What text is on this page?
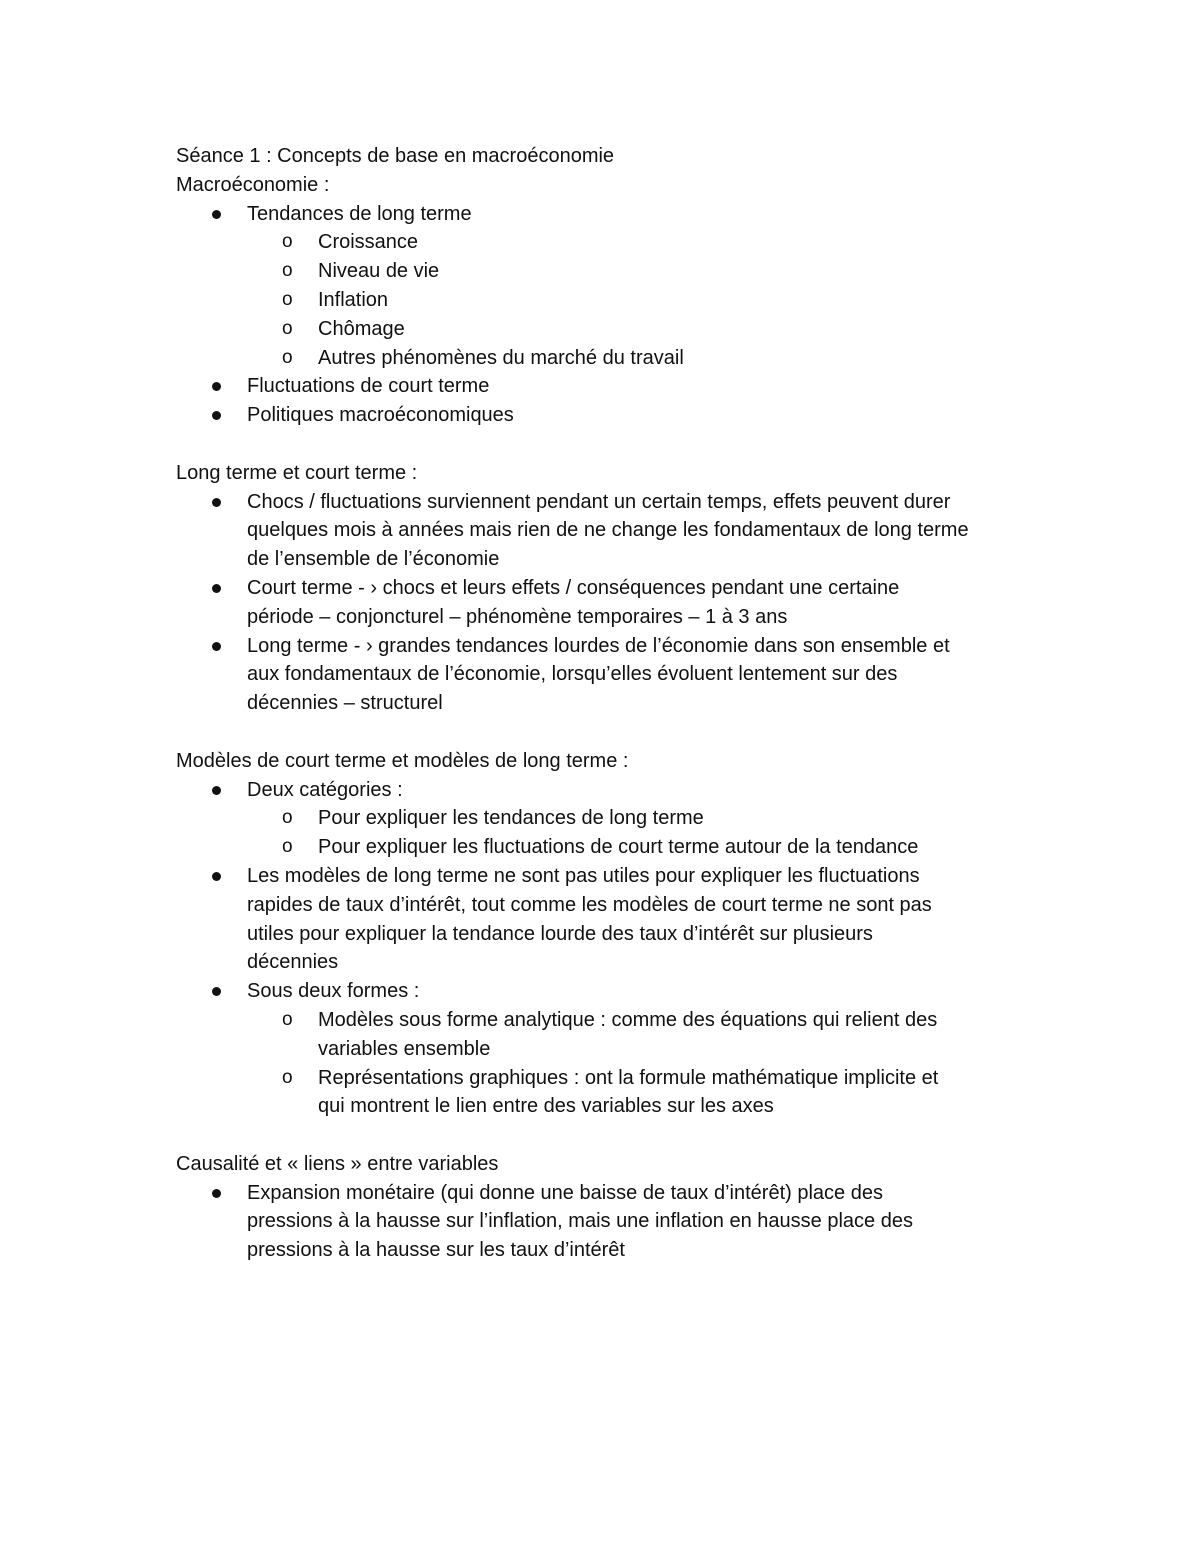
Séance 1 : Concepts de base en macroéconomie

Macroéconomie :

Tendances de long terme
o	Croissance
o	Niveau de vie
o	Inflation
o	Chômage
o	Autres phénomènes du marché du travail
Fluctuations de court terme
Politiques macroéconomiques

Long terme et court terme :

Chocs / fluctuations surviennent pendant un certain temps, effets peuvent durer
quelques mois à années mais rien de ne change les fondamentaux de long terme
de l’ensemble de l’économie
Court terme - › chocs et leurs effets / conséquences pendant une certaine
période – conjoncturel – phénomène temporaires – 1 à 3 ans
Long terme - › grandes tendances lourdes de l’économie dans son ensemble et
aux fondamentaux de l’économie, lorsqu’elles évoluent lentement sur des
décennies – structurel

Modèles de court terme et modèles de long terme :

Deux catégories :
o	Pour expliquer les tendances de long terme
o	Pour expliquer les fluctuations de court terme autour de la tendance
Les modèles de long terme ne sont pas utiles pour expliquer les fluctuations
rapides de taux d’intérêt, tout comme les modèles de court terme ne sont pas
utiles pour expliquer la tendance lourde des taux d’intérêt sur plusieurs
décennies
Sous deux formes :
o	Modèles sous forme analytique : comme des équations qui relient des
variables ensemble
o	Représentations graphiques : ont la formule mathématique implicite et
qui montrent le lien entre des variables sur les axes

Causalité et « liens » entre variables

Expansion monétaire (qui donne une baisse de taux d’intérêt) place des
pressions à la hausse sur l’inflation, mais une inflation en hausse place des
pressions à la hausse sur les taux d’intérêt
